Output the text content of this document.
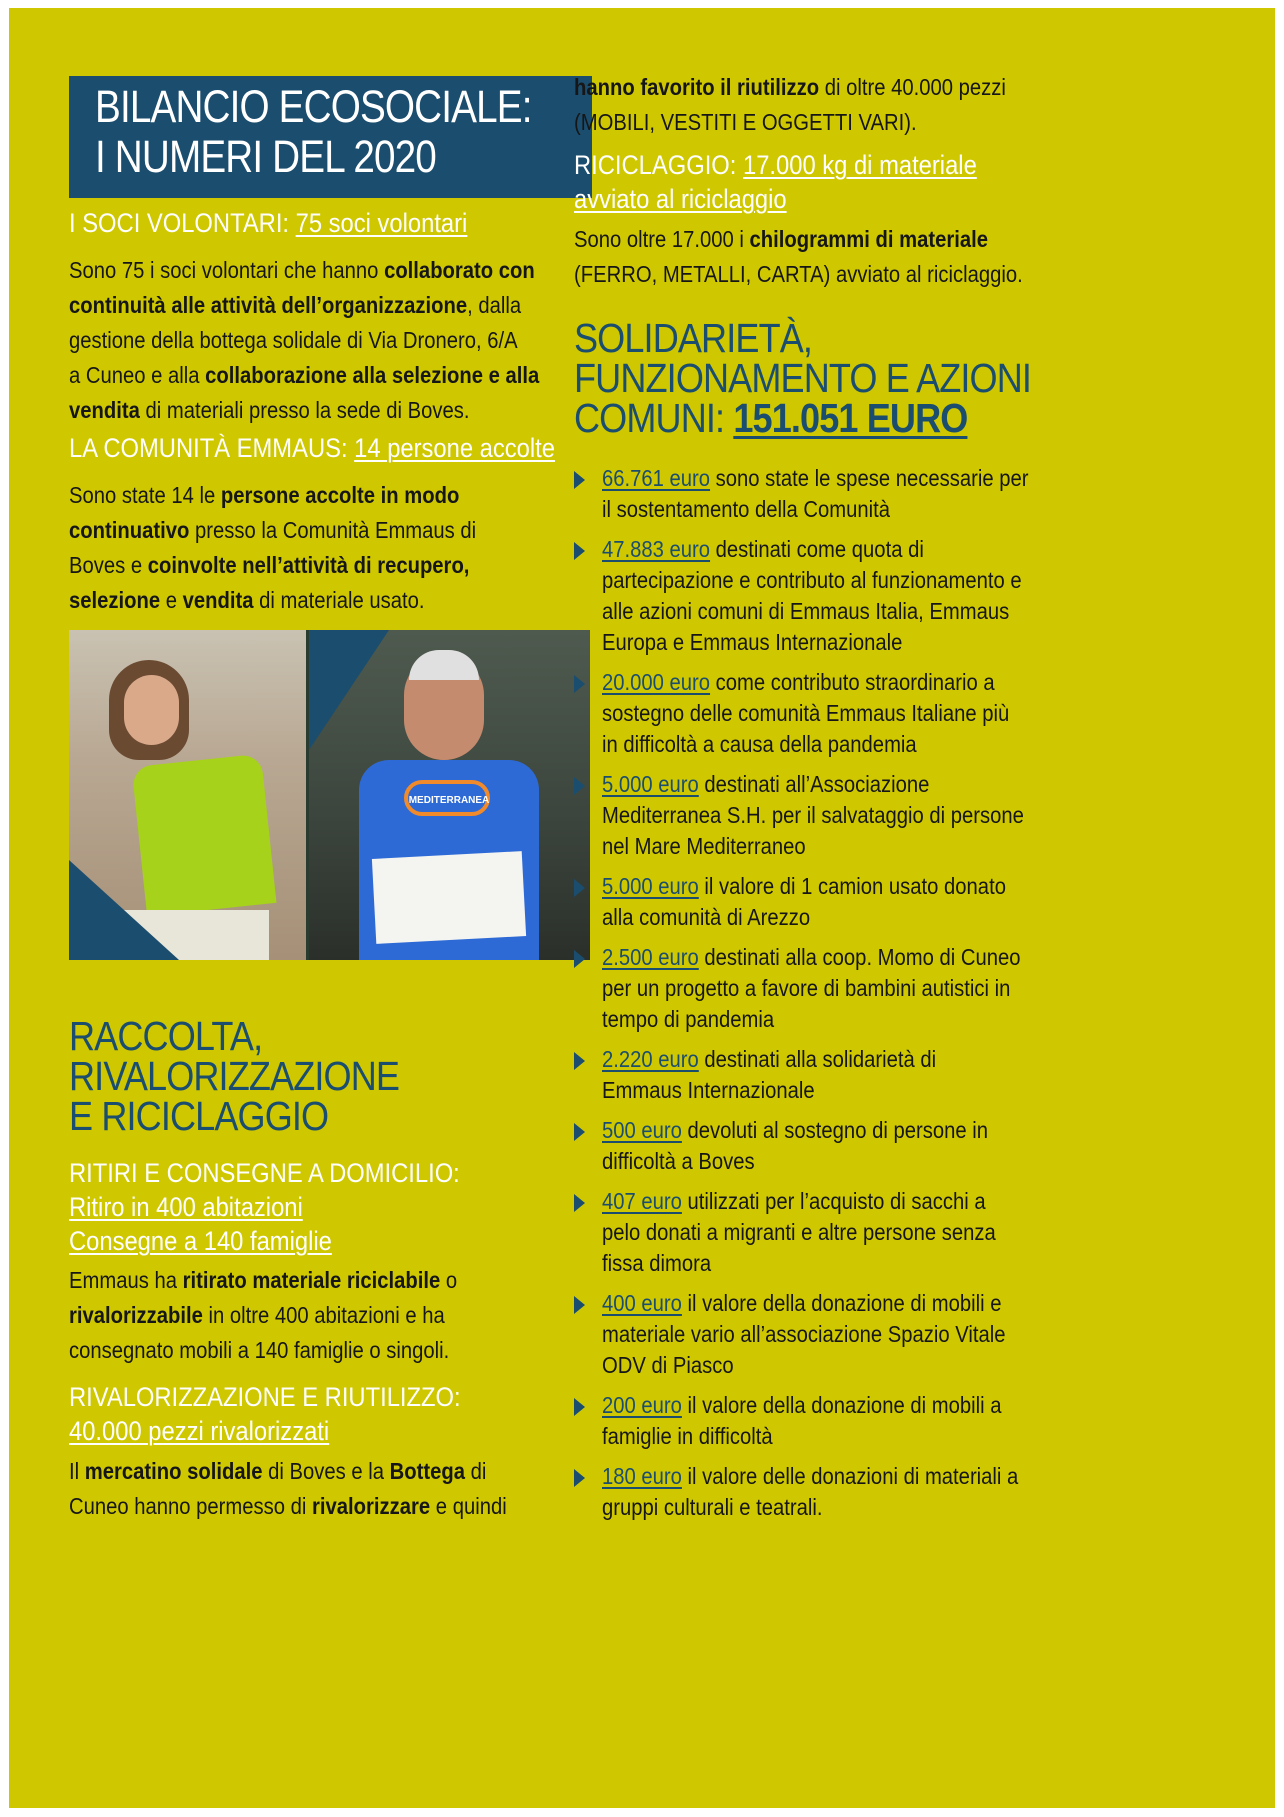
BILANCIO ECOSOCIALE:
I NUMERI DEL 2020
I SOCI VOLONTARI: 75 soci volontari
Sono 75 i soci volontari che hanno collaborato con
continuità alle attività dell’organizzazione, dalla
gestione della bottega solidale di Via Dronero, 6/A
a Cuneo e alla collaborazione alla selezione e alla
vendita di materiali presso la sede di Boves.
LA COMUNITÀ EMMAUS: 14 persone accolte
Sono state 14 le persone accolte in modo
continuativo presso la Comunità Emmaus di
Boves e coinvolte nell’attività di recupero,
selezione e vendita di materiale usato.
MEDITERRANEA
RACCOLTA,
RIVALORIZZAZIONE
E RICICLAGGIO
RITIRI E CONSEGNE A DOMICILIO:
Ritiro in 400 abitazioni
Consegne a 140 famiglie
Emmaus ha ritirato materiale riciclabile o
rivalorizzabile in oltre 400 abitazioni e ha
consegnato mobili a 140 famiglie o singoli.
RIVALORIZZAZIONE E RIUTILIZZO:
40.000 pezzi rivalorizzati
Il mercatino solidale di Boves e la Bottega di
Cuneo hanno permesso di rivalorizzare e quindi
hanno favorito il riutilizzo di oltre 40.000 pezzi
(MOBILI, VESTITI E OGGETTI VARI).
RICICLAGGIO: 17.000 kg di materiale
avviato al riciclaggio
Sono oltre 17.000 i chilogrammi di materiale
(FERRO, METALLI, CARTA) avviato al riciclaggio.
SOLIDARIETÀ,
FUNZIONAMENTO E AZIONI
COMUNI: 151.051 EURO
66.761 euro sono state le spese necessarie per
il sostentamento della Comunità
47.883 euro destinati come quota di
partecipazione e contributo al funzionamento e
alle azioni comuni di Emmaus Italia, Emmaus
Europa e Emmaus Internazionale
20.000 euro come contributo straordinario a
sostegno delle comunità Emmaus Italiane più
in difficoltà a causa della pandemia
5.000 euro destinati all’Associazione
Mediterranea S.H. per il salvataggio di persone
nel Mare Mediterraneo
5.000 euro il valore di 1 camion usato donato
alla comunità di Arezzo
2.500 euro destinati alla coop. Momo di Cuneo
per un progetto a favore di bambini autistici in
tempo di pandemia
2.220 euro destinati alla solidarietà di
Emmaus Internazionale
500 euro devoluti al sostegno di persone in
difficoltà a Boves
407 euro utilizzati per l’acquisto di sacchi a
pelo donati a migranti e altre persone senza
fissa dimora
400 euro il valore della donazione di mobili e
materiale vario all’associazione Spazio Vitale
ODV di Piasco
200 euro il valore della donazione di mobili a
famiglie in difficoltà
180 euro il valore delle donazioni di materiali a
gruppi culturali e teatrali.
